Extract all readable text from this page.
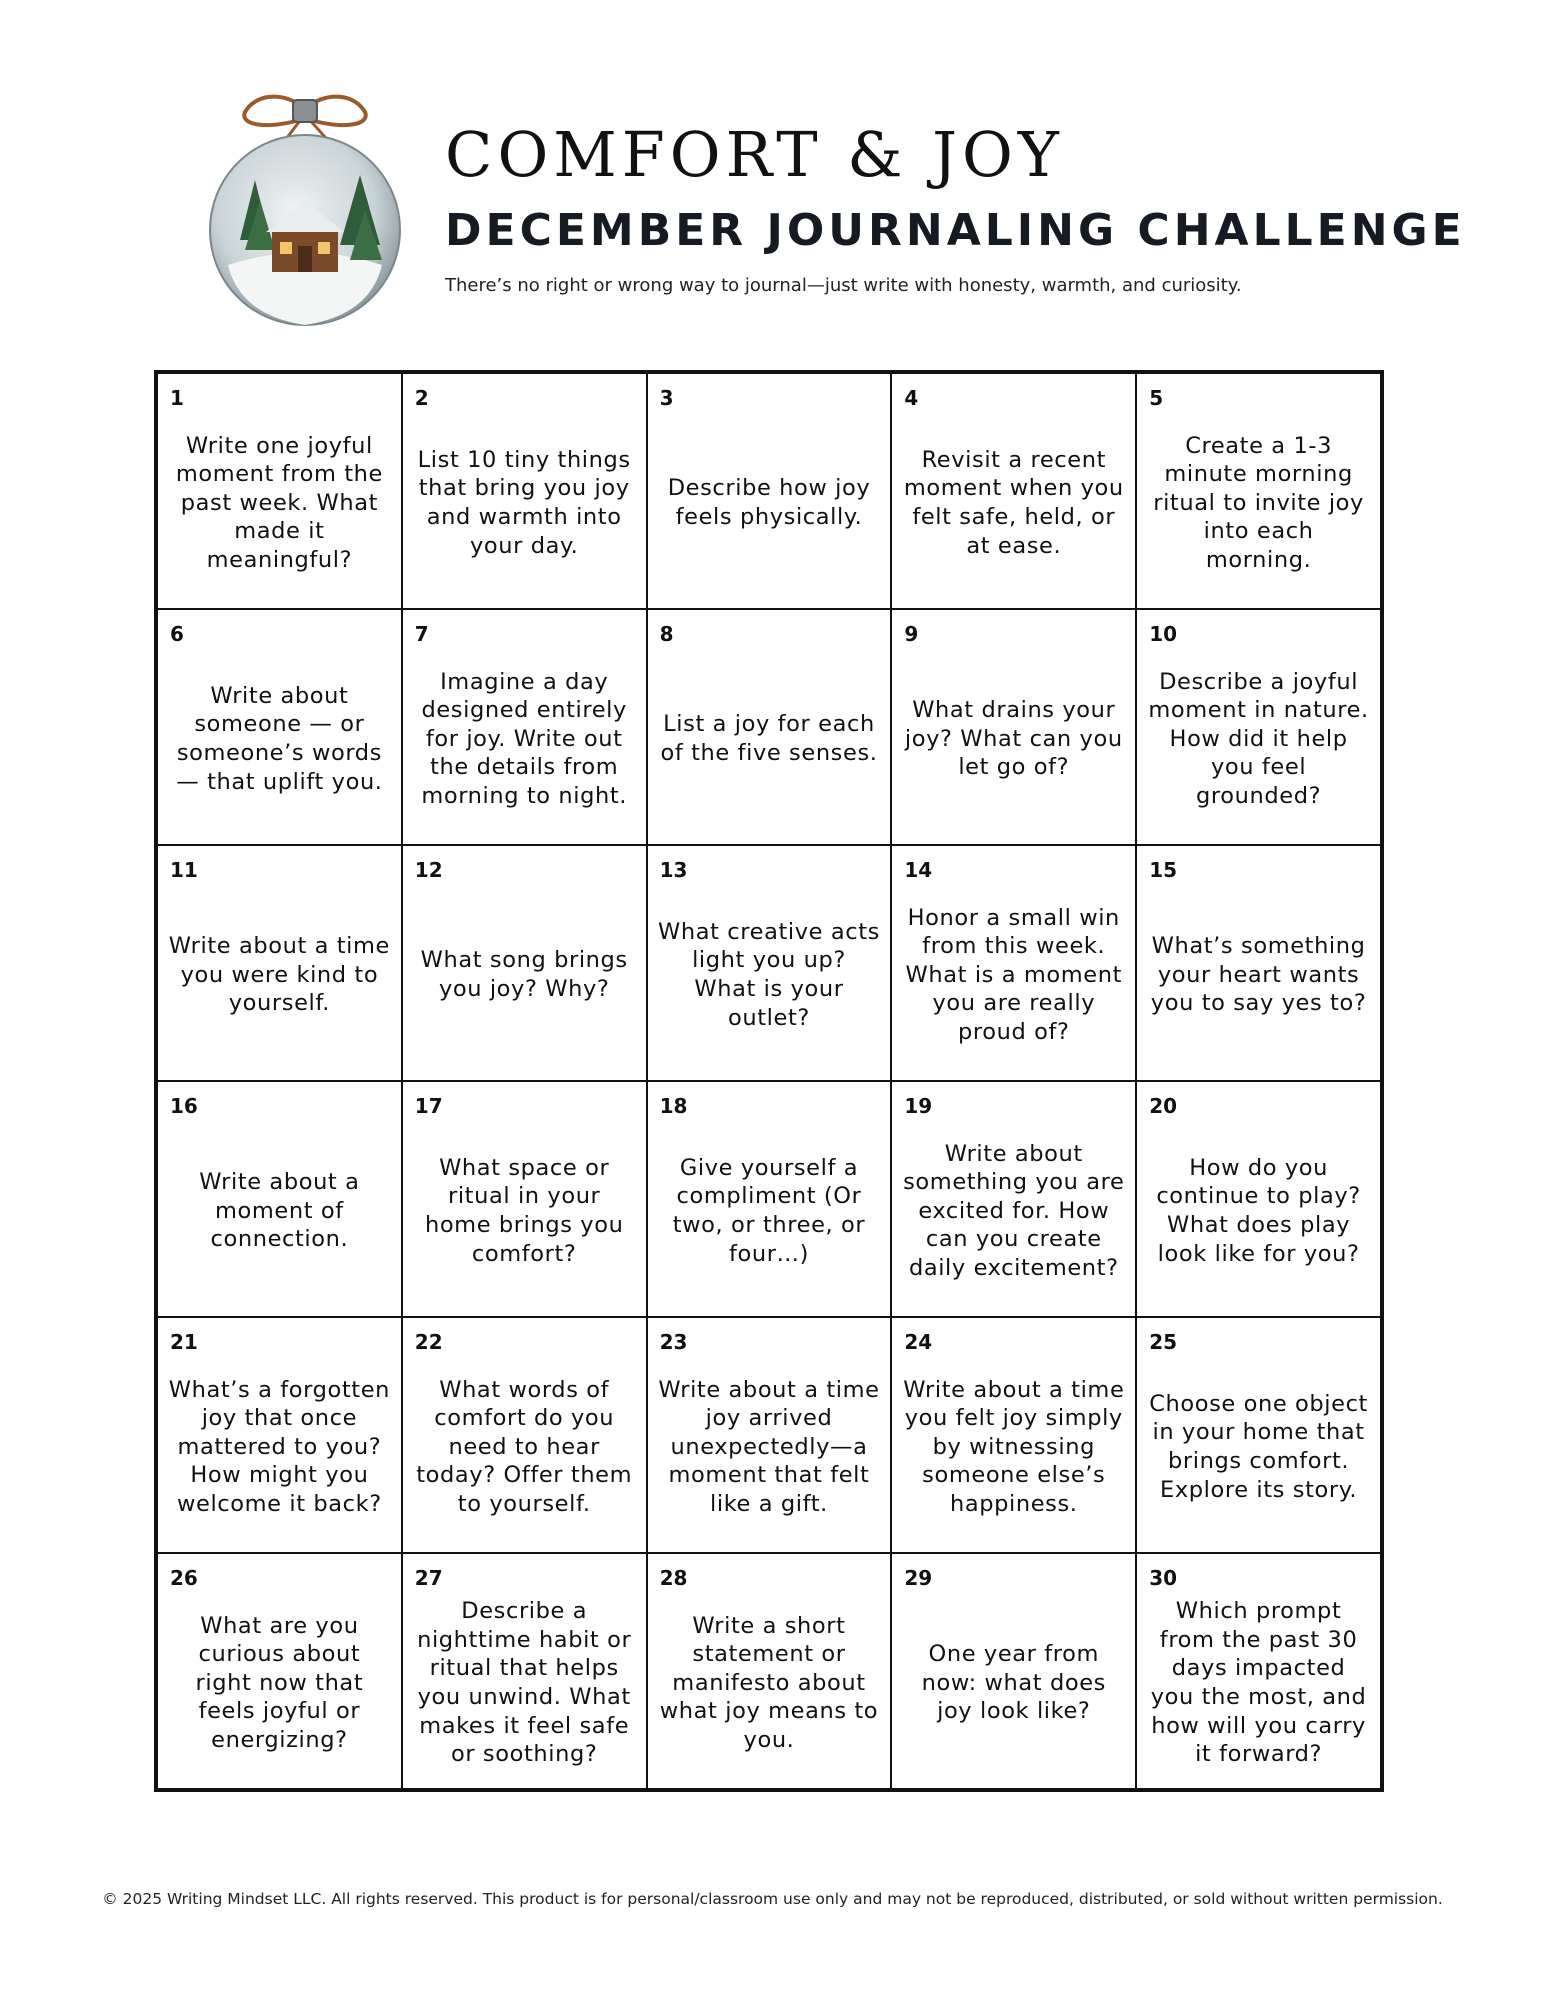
COMFORT & JOY
DECEMBER JOURNALING CHALLENGE

There’s no right or wrong way to journal—just write with honesty, warmth, and curiosity.

1
Write one joyful moment from the past week. What made it meaningful?
2
List 10 tiny things that bring you joy and warmth into your day.
3
Describe how joy feels physically.
4
Revisit a recent moment when you felt safe, held, or at ease.
5
Create a 1-3 minute morning ritual to invite joy into each morning.
6
Write about someone — or someone’s words — that uplift you.
7
Imagine a day designed entirely for joy. Write out the details from morning to night.
8
List a joy for each of the five senses.
9
What drains your joy? What can you let go of?
10
Describe a joyful moment in nature. How did it help you feel grounded?
11
Write about a time you were kind to yourself.
12
What song brings you joy? Why?
13
What creative acts light you up? What is your outlet?
14
Honor a small win from this week. What is a moment you are really proud of?
15
What’s something your heart wants you to say yes to?
16
Write about a moment of connection.
17
What space or ritual in your home brings you comfort?
18
Give yourself a compliment (Or two, or three, or four…)
19
Write about something you are excited for. How can you create daily excitement?
20
How do you continue to play? What does play look like for you?
21
What’s a forgotten joy that once mattered to you? How might you welcome it back?
22
What words of comfort do you need to hear today? Offer them to yourself.
23
Write about a time joy arrived unexpectedly—a moment that felt like a gift.
24
Write about a time you felt joy simply by witnessing someone else’s happiness.
25
Choose one object in your home that brings comfort. Explore its story.
26
What are you curious about right now that feels joyful or energizing?
27
Describe a nighttime habit or ritual that helps you unwind. What makes it feel safe or soothing?
28
Write a short statement or manifesto about what joy means to you.
29
One year from now: what does joy look like?
30
Which prompt from the past 30 days impacted you the most, and how will you carry it forward?

© 2025 Writing Mindset LLC. All rights reserved. This product is for personal/classroom use only and may not be reproduced, distributed, or sold without written permission.
